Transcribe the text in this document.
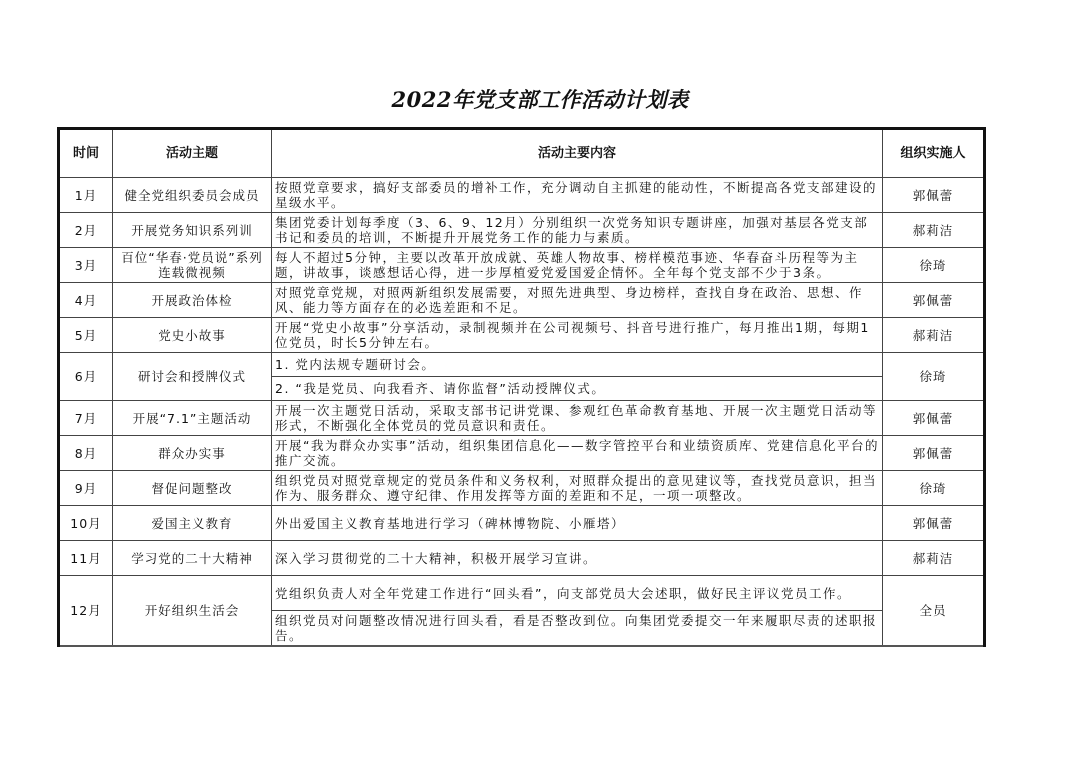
2022年党支部工作活动计划表
时间	活动主题	活动主要内容	组织实施人
1月	健全党组织委员会成员	按照党章要求，搞好支部委员的增补工作，充分调动自主抓建的能动性，不断提高各党支部建设的星级水平。	郭佩蕾
2月	开展党务知识系列训	集团党委计划每季度（3、6、9、12月）分别组织一次党务知识专题讲座，加强对基层各党支部书记和委员的培训，不断提升开展党务工作的能力与素质。	郝莉洁
3月	百位“华春·党员说”系列连载微视频	每人不超过5分钟，主要以改革开放成就、英雄人物故事、榜样模范事迹、华春奋斗历程等为主题，讲故事，谈感想话心得，进一步厚植爱党爱国爱企情怀。全年每个党支部不少于3条。	徐琦
4月	开展政治体检	对照党章党规，对照两新组织发展需要，对照先进典型、身边榜样，查找自身在政治、思想、作风、能力等方面存在的必选差距和不足。	郭佩蕾
5月	党史小故事	开展“党史小故事”分享活动，录制视频并在公司视频号、抖音号进行推广，每月推出1期，每期1位党员，时长5分钟左右。	郝莉洁
6月	研讨会和授牌仪式	1. 党内法规专题研讨会。	徐琦
		2. “我是党员、向我看齐、请你监督”活动授牌仪式。	
7月	开展“7.1”主题活动	开展一次主题党日活动，采取支部书记讲党课、参观红色革命教育基地、开展一次主题党日活动等形式，不断强化全体党员的党员意识和责任。	郭佩蕾
8月	群众办实事	开展“我为群众办实事”活动，组织集团信息化——数字管控平台和业绩资质库、党建信息化平台的推广交流。	郭佩蕾
9月	督促问题整改	组织党员对照党章规定的党员条件和义务权利，对照群众提出的意见建议等，查找党员意识，担当作为、服务群众、遵守纪律、作用发挥等方面的差距和不足，一项一项整改。	徐琦
10月	爱国主义教育	外出爱国主义教育基地进行学习（碑林博物院、小雁塔）	郭佩蕾
11月	学习党的二十大精神	深入学习贯彻党的二十大精神，积极开展学习宣讲。	郝莉洁
12月	开好组织生活会	党组织负责人对全年党建工作进行“回头看”，向支部党员大会述职，做好民主评议党员工作。	全员
		组织党员对问题整改情况进行回头看，看是否整改到位。向集团党委提交一年来履职尽责的述职报告。	
